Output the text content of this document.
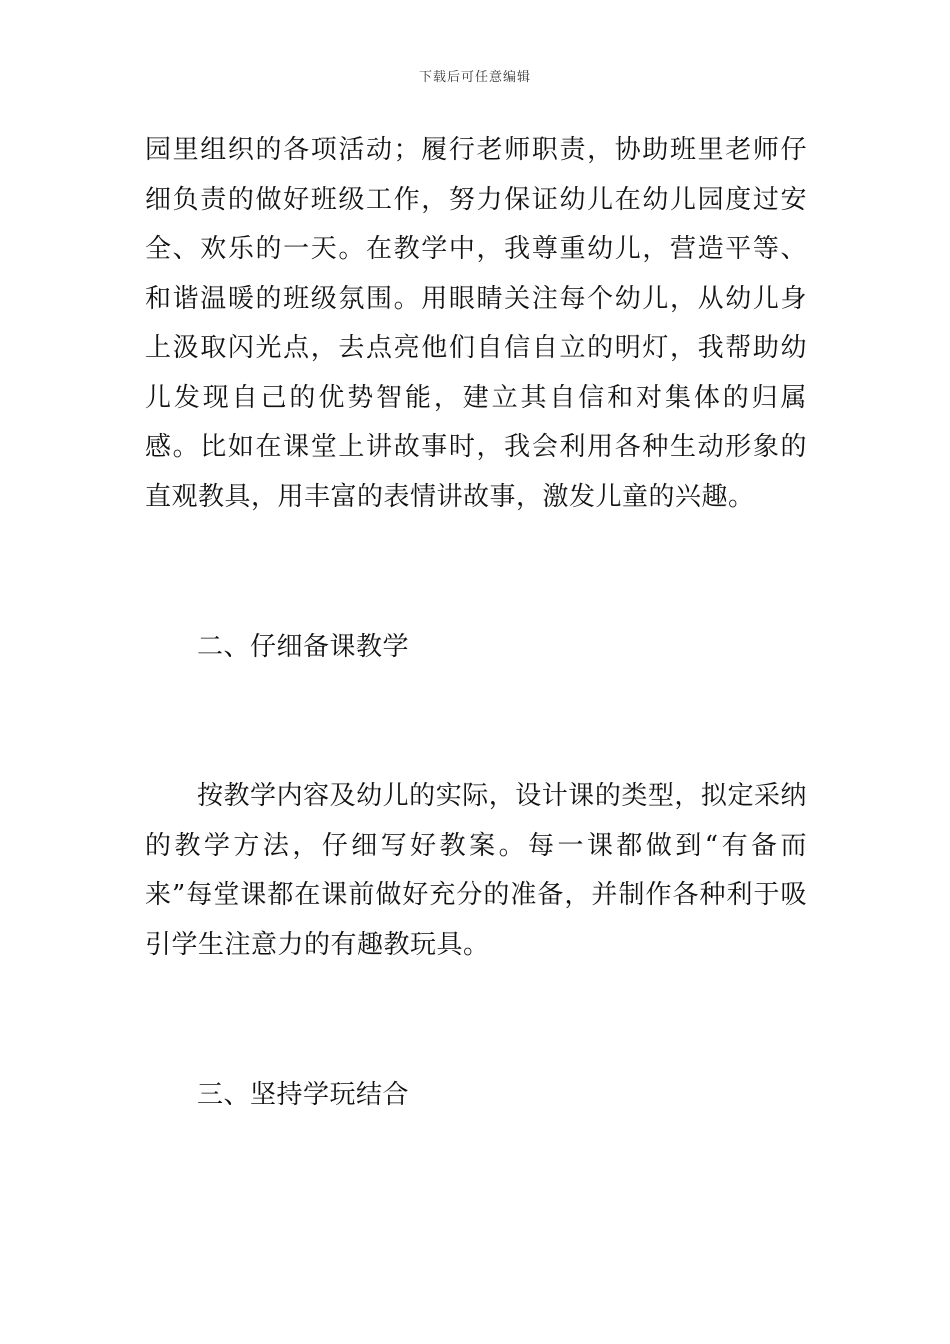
下载后可任意编辑

园里组织的各项活动；履行老师职责，协助班里老师仔细负责的做好班级工作，努力保证幼儿在幼儿园度过安全、欢乐的一天。在教学中，我尊重幼儿，营造平等、和谐温暖的班级氛围。用眼睛关注每个幼儿，从幼儿身上汲取闪光点，去点亮他们自信自立的明灯，我帮助幼儿发现自己的优势智能，建立其自信和对集体的归属感。比如在课堂上讲故事时，我会利用各种生动形象的直观教具，用丰富的表情讲故事，激发儿童的兴趣。

二、仔细备课教学

按教学内容及幼儿的实际，设计课的类型，拟定采纳的教学方法，仔细写好教案。每一课都做到“有备而来”每堂课都在课前做好充分的准备，并制作各种利于吸引学生注意力的有趣教玩具。

三、坚持学玩结合
